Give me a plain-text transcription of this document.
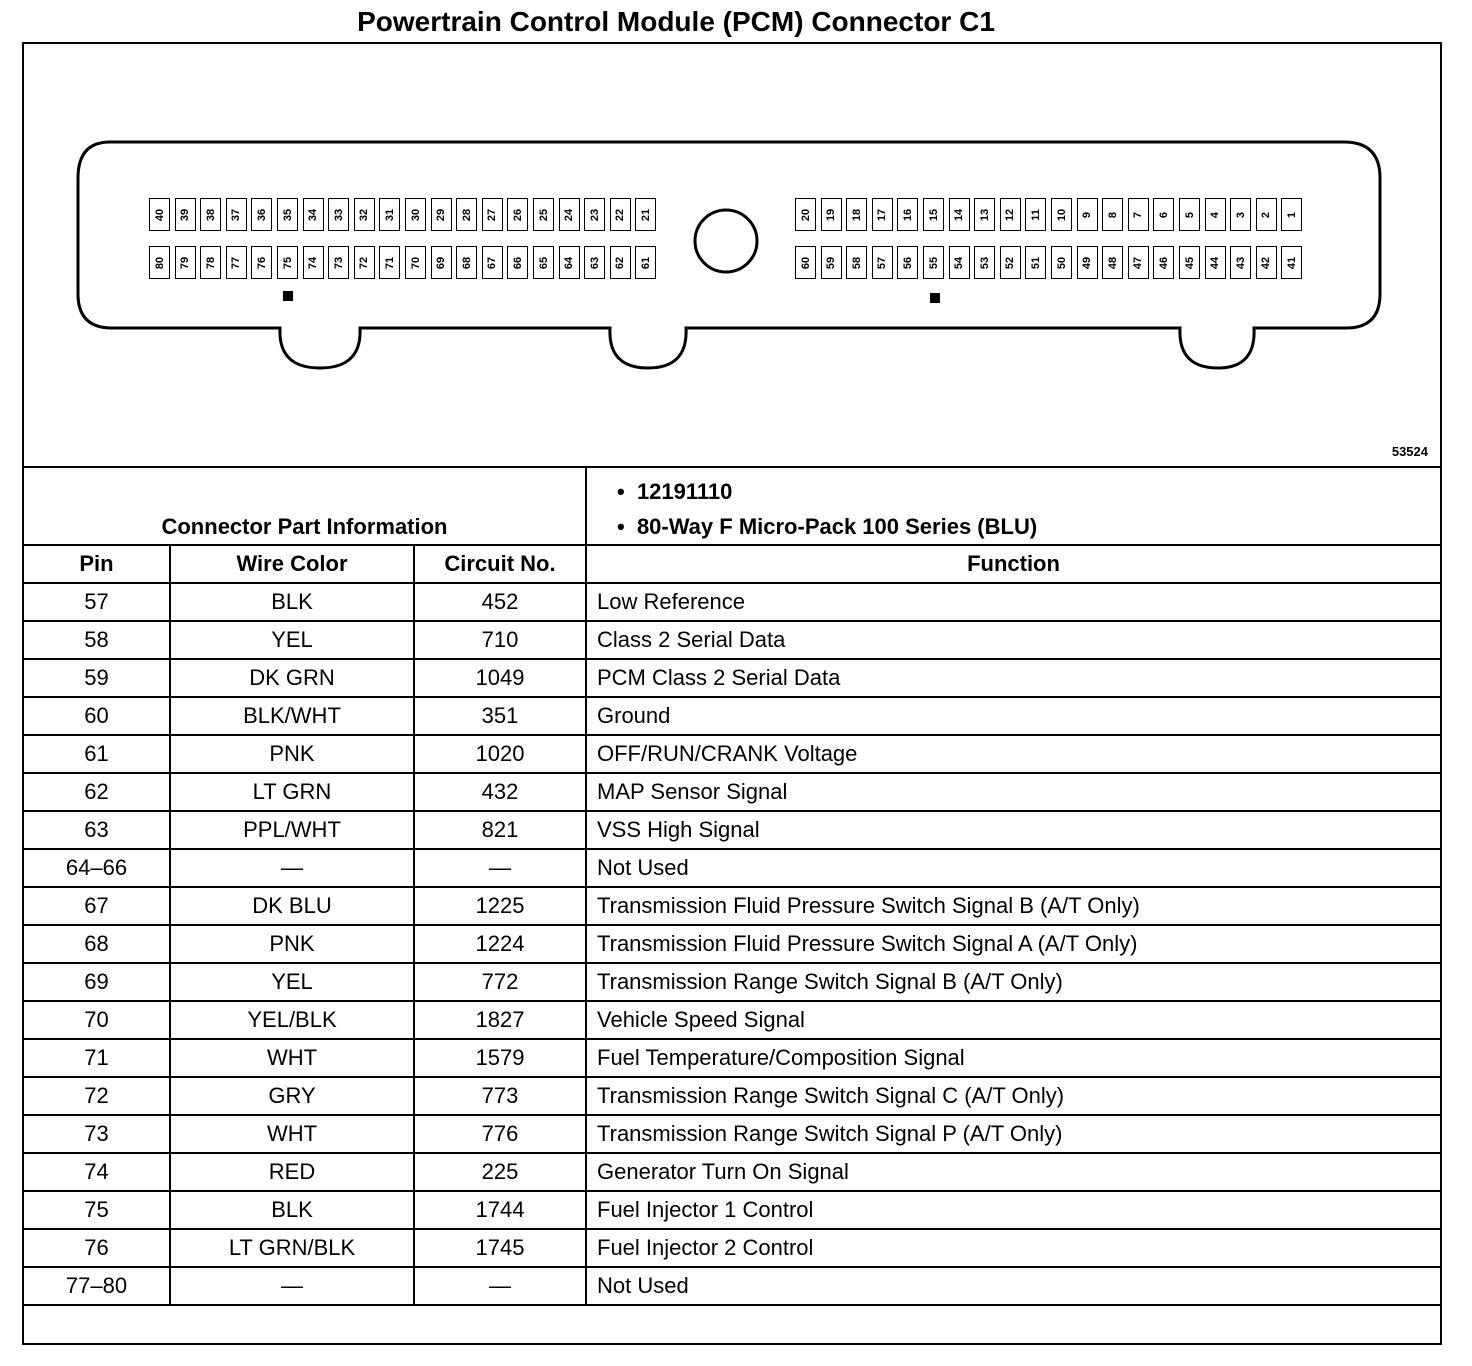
Powertrain Control Module (PCM) Connector C1
40 39 38 37 36 35 34 33 32 31 30 29 28 27 26 25 24 23 22 21
80 79 78 77 76 75 74 73 72 71 70 69 68 67 66 65 64 63 62 61
20 19 18 17 16 15 14 13 12 11 10 9 8 7 6 5 4 3 2 1
60 59 58 57 56 55 54 53 52 51 50 49 48 47 46 45 44 43 42 41
53524
Connector Part Information			•  12191110
•  80-Way F Micro-Pack 100 Series (BLU)

Pin	Wire Color	Circuit No.	Function
57	BLK	452	Low Reference
58	YEL	710	Class 2 Serial Data
59	DK GRN	1049	PCM Class 2 Serial Data
60	BLK/WHT	351	Ground
61	PNK	1020	OFF/RUN/CRANK Voltage
62	LT GRN	432	MAP Sensor Signal
63	PPL/WHT	821	VSS High Signal
64–66	—	—	Not Used
67	DK BLU	1225	Transmission Fluid Pressure Switch Signal B (A/T Only)
68	PNK	1224	Transmission Fluid Pressure Switch Signal A (A/T Only)
69	YEL	772	Transmission Range Switch Signal B (A/T Only)
70	YEL/BLK	1827	Vehicle Speed Signal
71	WHT	1579	Fuel Temperature/Composition Signal
72	GRY	773	Transmission Range Switch Signal C (A/T Only)
73	WHT	776	Transmission Range Switch Signal P (A/T Only)
74	RED	225	Generator Turn On Signal
75	BLK	1744	Fuel Injector 1 Control
76	LT GRN/BLK	1745	Fuel Injector 2 Control
77–80	—	—	Not Used
